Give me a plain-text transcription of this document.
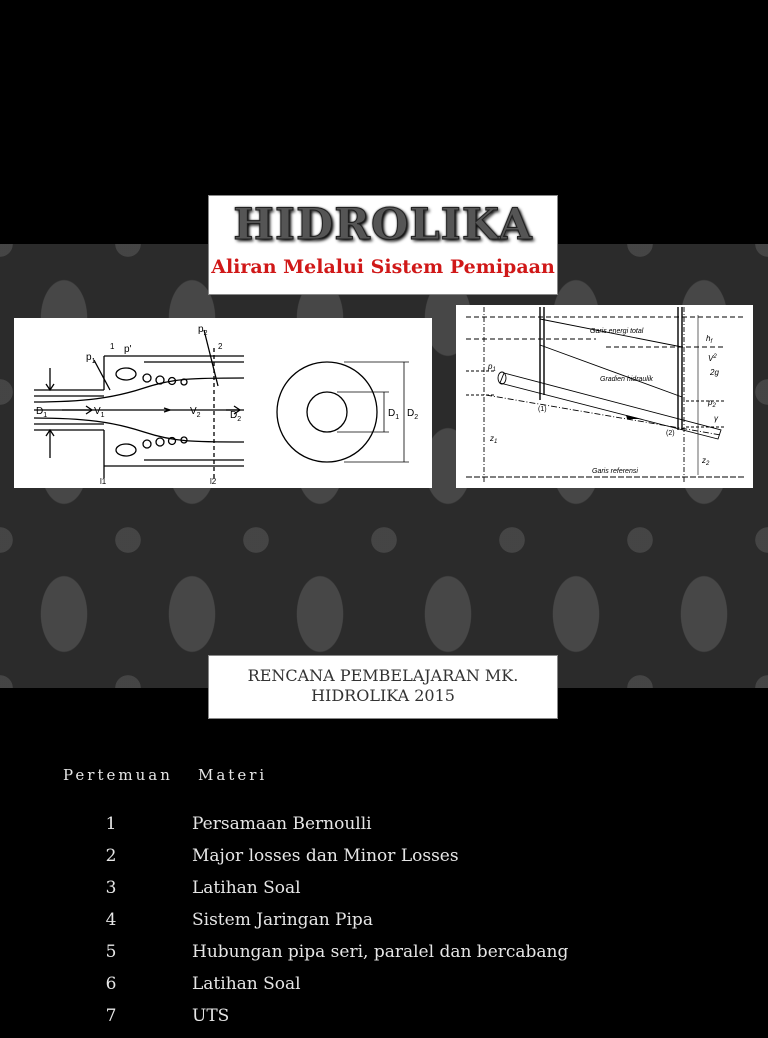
HIDROLIKA
Aliran Melalui Sistem Pemipaan
$p_1$
p'
$p_2$
1	2
$D_1$	$V_1$	$V_2$	$D_2$
l1	l2
$D_1$ $D_2$
Garis energi total
Gradien hidraulik
Garis referensi
$h_f$
$V^2$
2g
$p_2$
γ
$p_1$
$z_1$
$z_2$
(1)
(2)
RENCANA PEMBELAJARAN MK.
HIDROLIKA 2015
Pertemuan Materi
1	Persamaan Bernoulli
2	Major losses dan Minor Losses
3	Latihan Soal
4	Sistem Jaringan Pipa
5	Hubungan pipa seri, paralel dan bercabang
6	Latihan Soal
7	UTS
